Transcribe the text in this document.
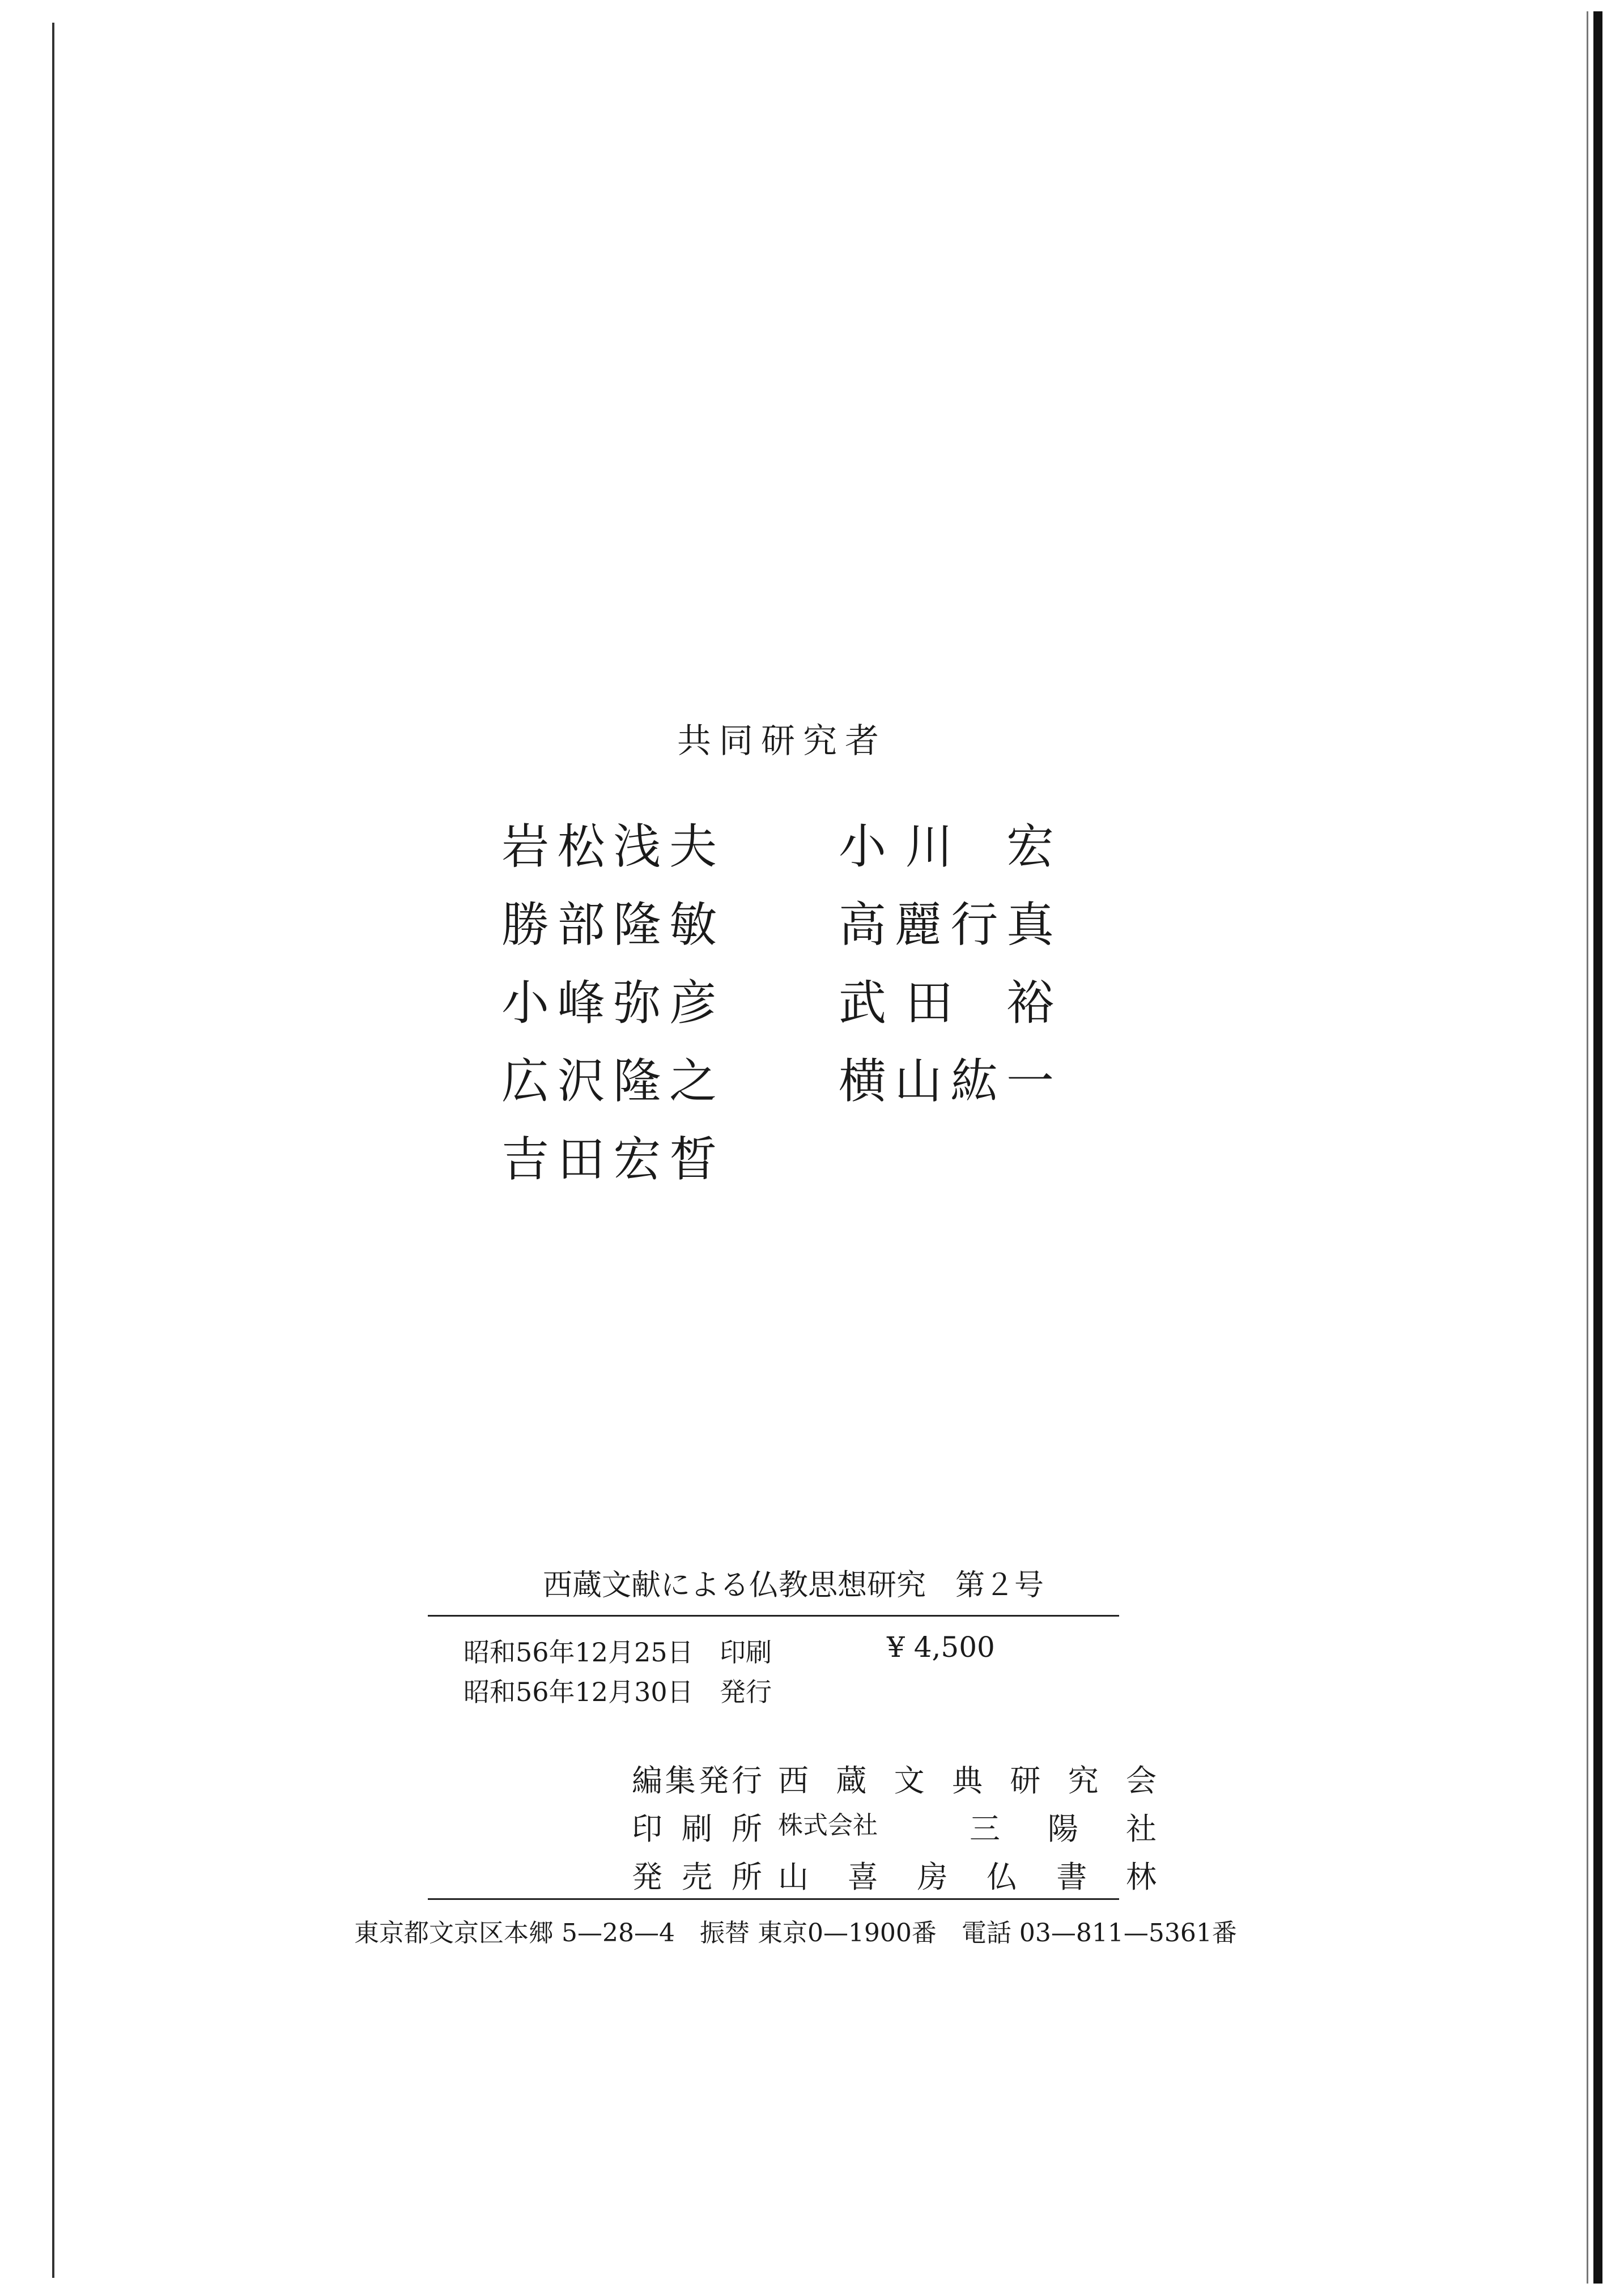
共同研究者
岩 松 浅 夫
勝 部 隆 敏
小 峰 弥 彦
広 沢 隆 之
吉 田 宏 晳
小 川
宏
高 麗 行 真
武 田
裕
横 山 紘 一
西蔵文献による仏教思想研究　第２号
昭和56年12月25日 印刷	¥ 4,500
昭和56年12月30日 発行
編 集 発 行 西 蔵 文 典 研 究 会
印 刷 所 株式会社	三 陽 社
発 売 所 山 喜 房 仏 書 林
東京都文京区本郷 5—28—4　振替 東京0—1900番　電話 03—811—5361番
